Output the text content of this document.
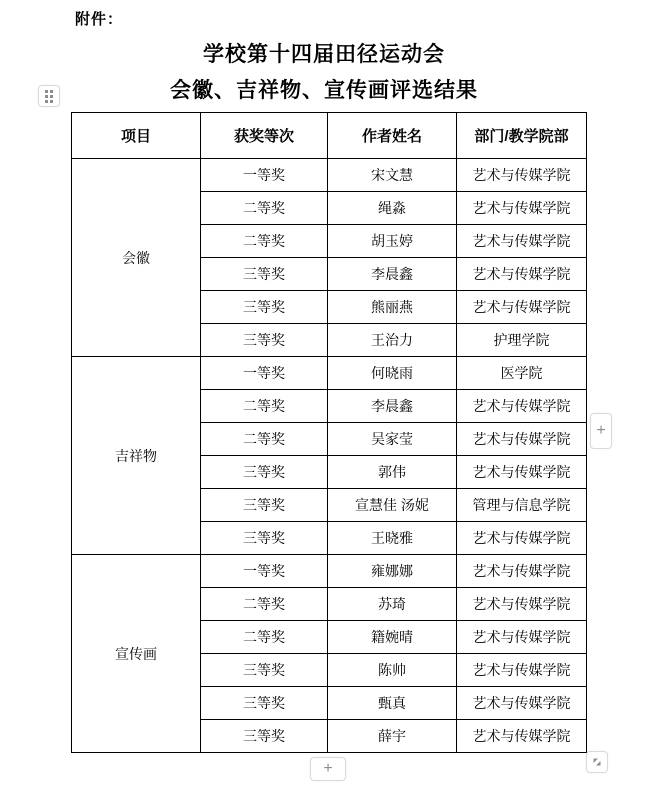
附件：
学校第十四届田径运动会
会徽、吉祥物、宣传画评选结果
项目	获奖等次	作者姓名	部门/教学院部
会徽	一等奖	宋文慧	艺术与传媒学院
	二等奖	绳淼	艺术与传媒学院
	二等奖	胡玉婷	艺术与传媒学院
	三等奖	李晨鑫	艺术与传媒学院
	三等奖	熊丽燕	艺术与传媒学院
	三等奖	王治力	护理学院
吉祥物	一等奖	何晓雨	医学院
	二等奖	李晨鑫	艺术与传媒学院
	二等奖	吴家莹	艺术与传媒学院
	三等奖	郭伟	艺术与传媒学院
	三等奖	宣慧佳 汤妮	管理与信息学院
	三等奖	王晓雅	艺术与传媒学院
宣传画	一等奖	雍娜娜	艺术与传媒学院
	二等奖	苏琦	艺术与传媒学院
	二等奖	籍婉晴	艺术与传媒学院
	三等奖	陈帅	艺术与传媒学院
	三等奖	甄真	艺术与传媒学院
	三等奖	薛宇	艺术与传媒学院
+
+
